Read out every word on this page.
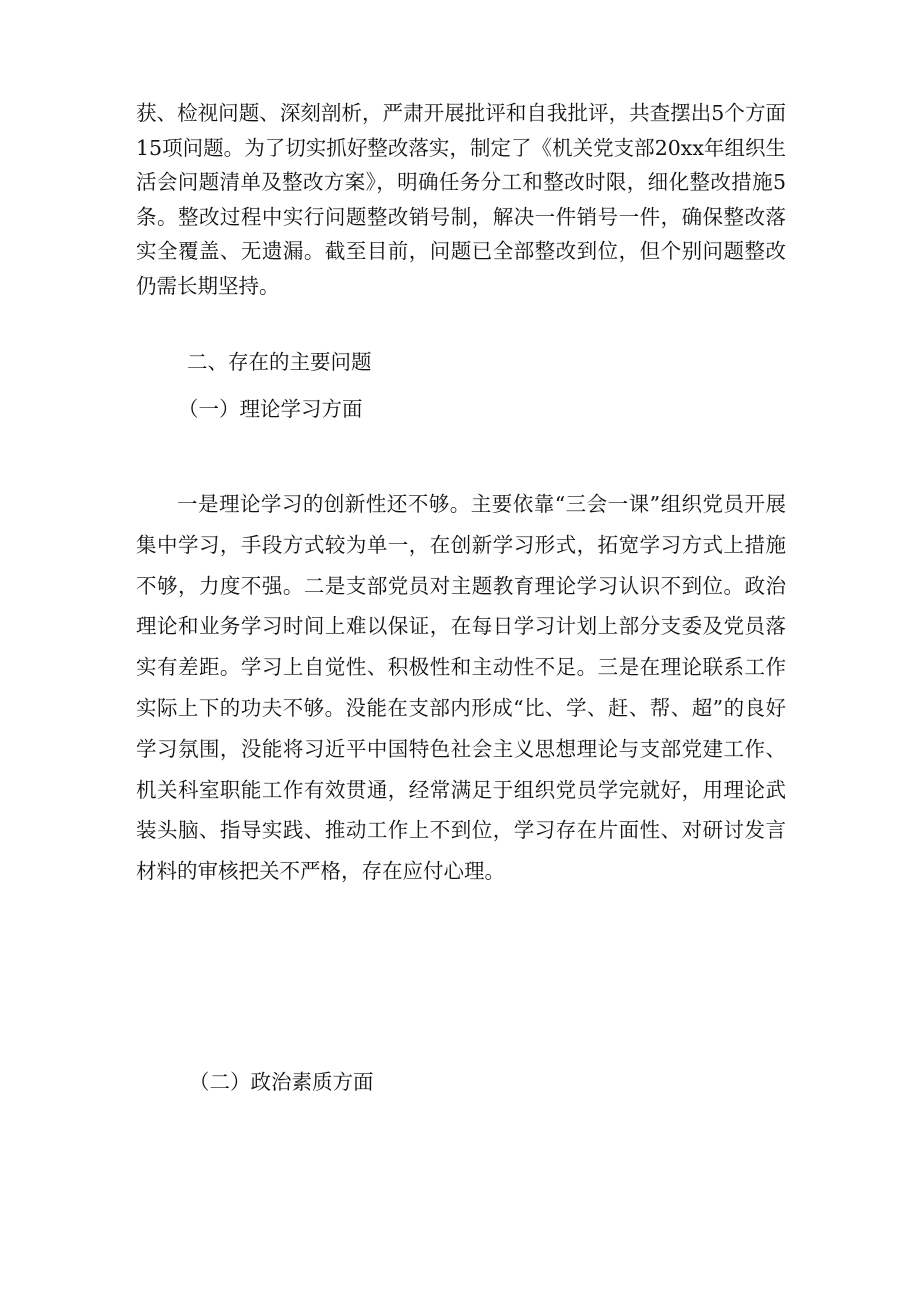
获、检视问题、深刻剖析，严肃开展批评和自我批评，共查摆出5个方面15项问题。为了切实抓好整改落实，制定了《机关党支部20xx年组织生活会问题清单及整改方案》，明确任务分工和整改时限，细化整改措施5条。整改过程中实行问题整改销号制，解决一件销号一件，确保整改落实全覆盖、无遗漏。截至目前，问题已全部整改到位，但个别问题整改仍需长期坚持。

二、存在的主要问题
（一）理论学习方面

一是理论学习的创新性还不够。主要依靠“三会一课”组织党员开展集中学习，手段方式较为单一，在创新学习形式，拓宽学习方式上措施不够，力度不强。二是支部党员对主题教育理论学习认识不到位。政治理论和业务学习时间上难以保证，在每日学习计划上部分支委及党员落实有差距。学习上自觉性、积极性和主动性不足。三是在理论联系工作实际上下的功夫不够。没能在支部内形成“比、学、赶、帮、超”的良好学习氛围，没能将习近平中国特色社会主义思想理论与支部党建工作、机关科室职能工作有效贯通，经常满足于组织党员学完就好，用理论武装头脑、指导实践、推动工作上不到位，学习存在片面性、对研讨发言材料的审核把关不严格，存在应付心理。

（二）政治素质方面
